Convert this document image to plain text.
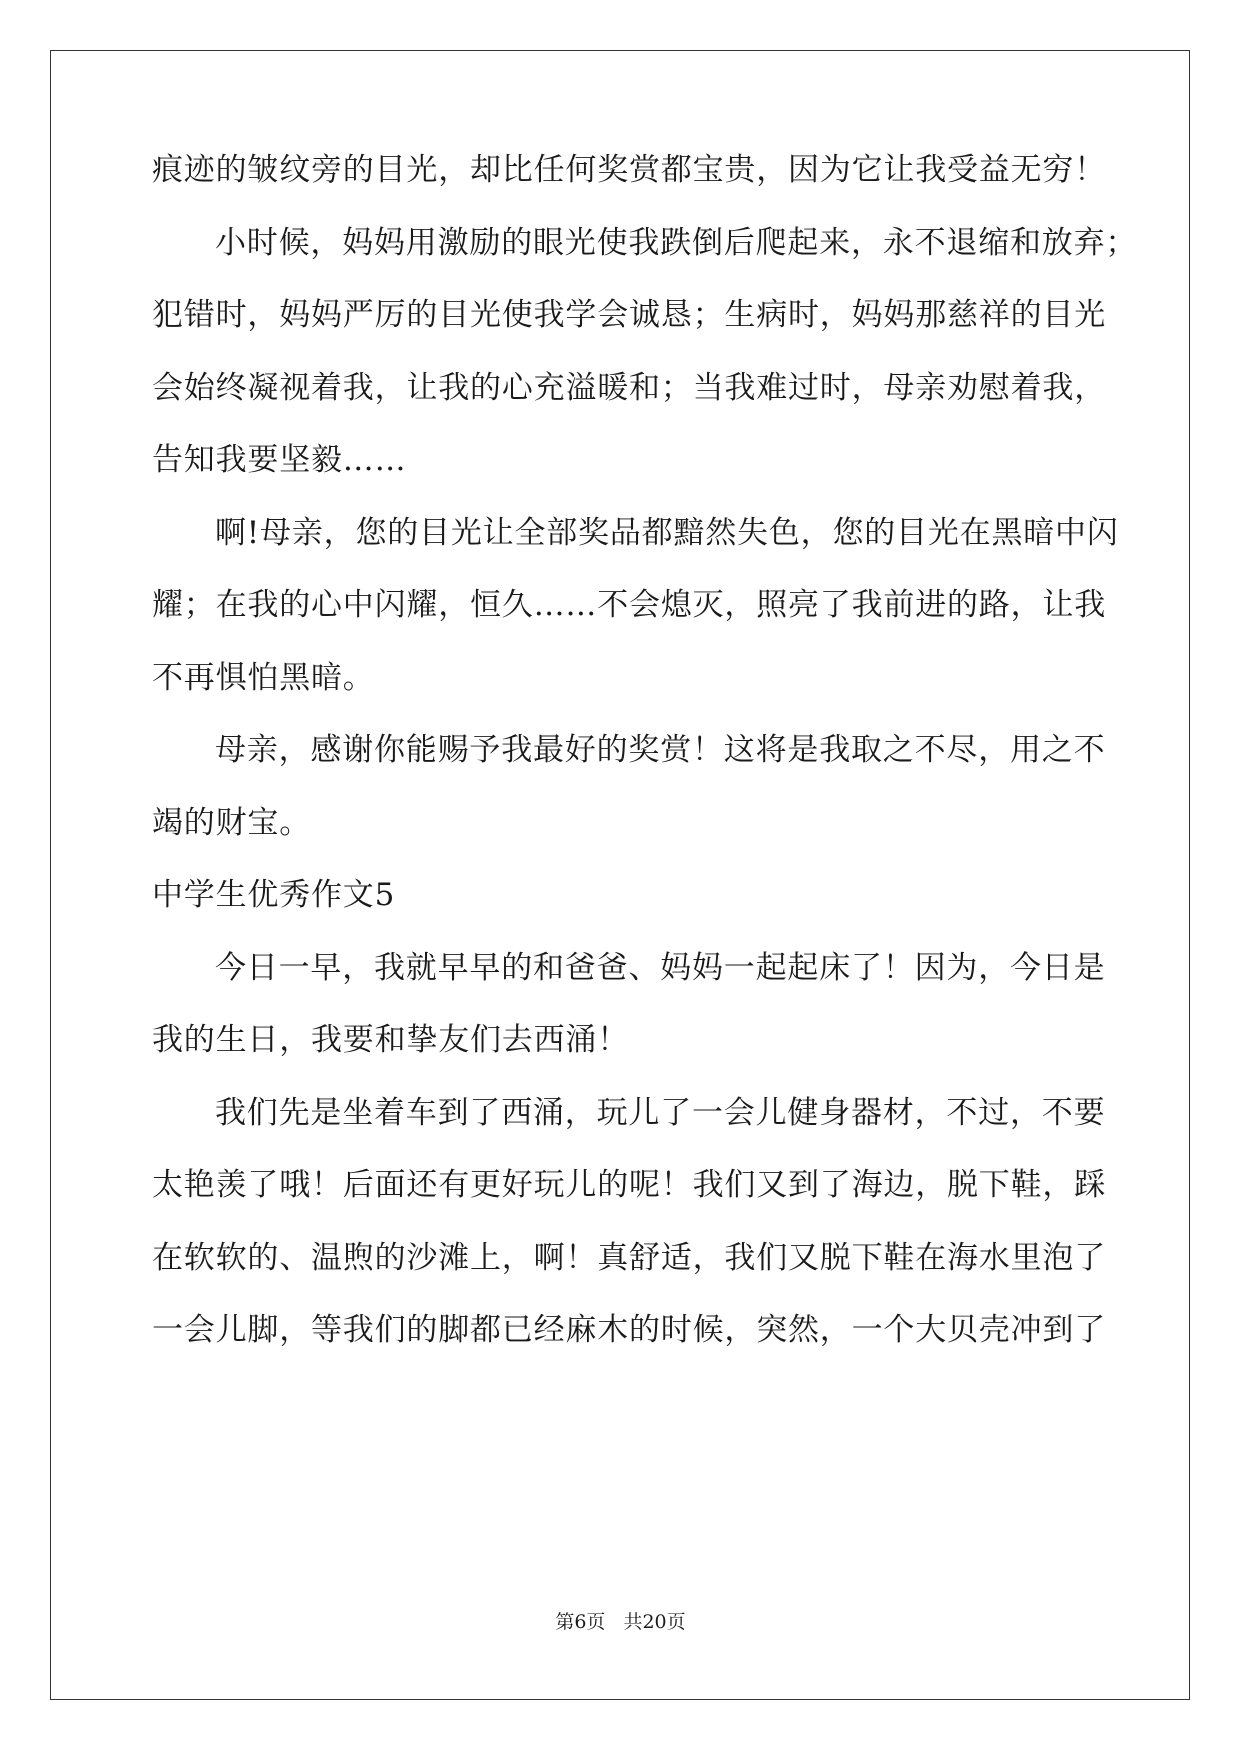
痕迹的皱纹旁的目光，却比任何奖赏都宝贵，因为它让我受益无穷！
小时候，妈妈用激励的眼光使我跌倒后爬起来，永不退缩和放弃；
犯错时，妈妈严厉的目光使我学会诚恳；生病时，妈妈那慈祥的目光
会始终凝视着我，让我的心充溢暖和；当我难过时，母亲劝慰着我，
告知我要坚毅……
啊!母亲，您的目光让全部奖品都黯然失色，您的目光在黑暗中闪
耀；在我的心中闪耀，恒久……不会熄灭，照亮了我前进的路，让我
不再惧怕黑暗。
母亲，感谢你能赐予我最好的奖赏！这将是我取之不尽，用之不
竭的财宝。
中学生优秀作文5
今日一早，我就早早的和爸爸、妈妈一起起床了！因为，今日是
我的生日，我要和挚友们去西涌！
我们先是坐着车到了西涌，玩儿了一会儿健身器材，不过，不要
太艳羡了哦！后面还有更好玩儿的呢！我们又到了海边，脱下鞋，踩
在软软的、温煦的沙滩上，啊！真舒适，我们又脱下鞋在海水里泡了
一会儿脚，等我们的脚都已经麻木的时候，突然，一个大贝壳冲到了
第6页 共20页
